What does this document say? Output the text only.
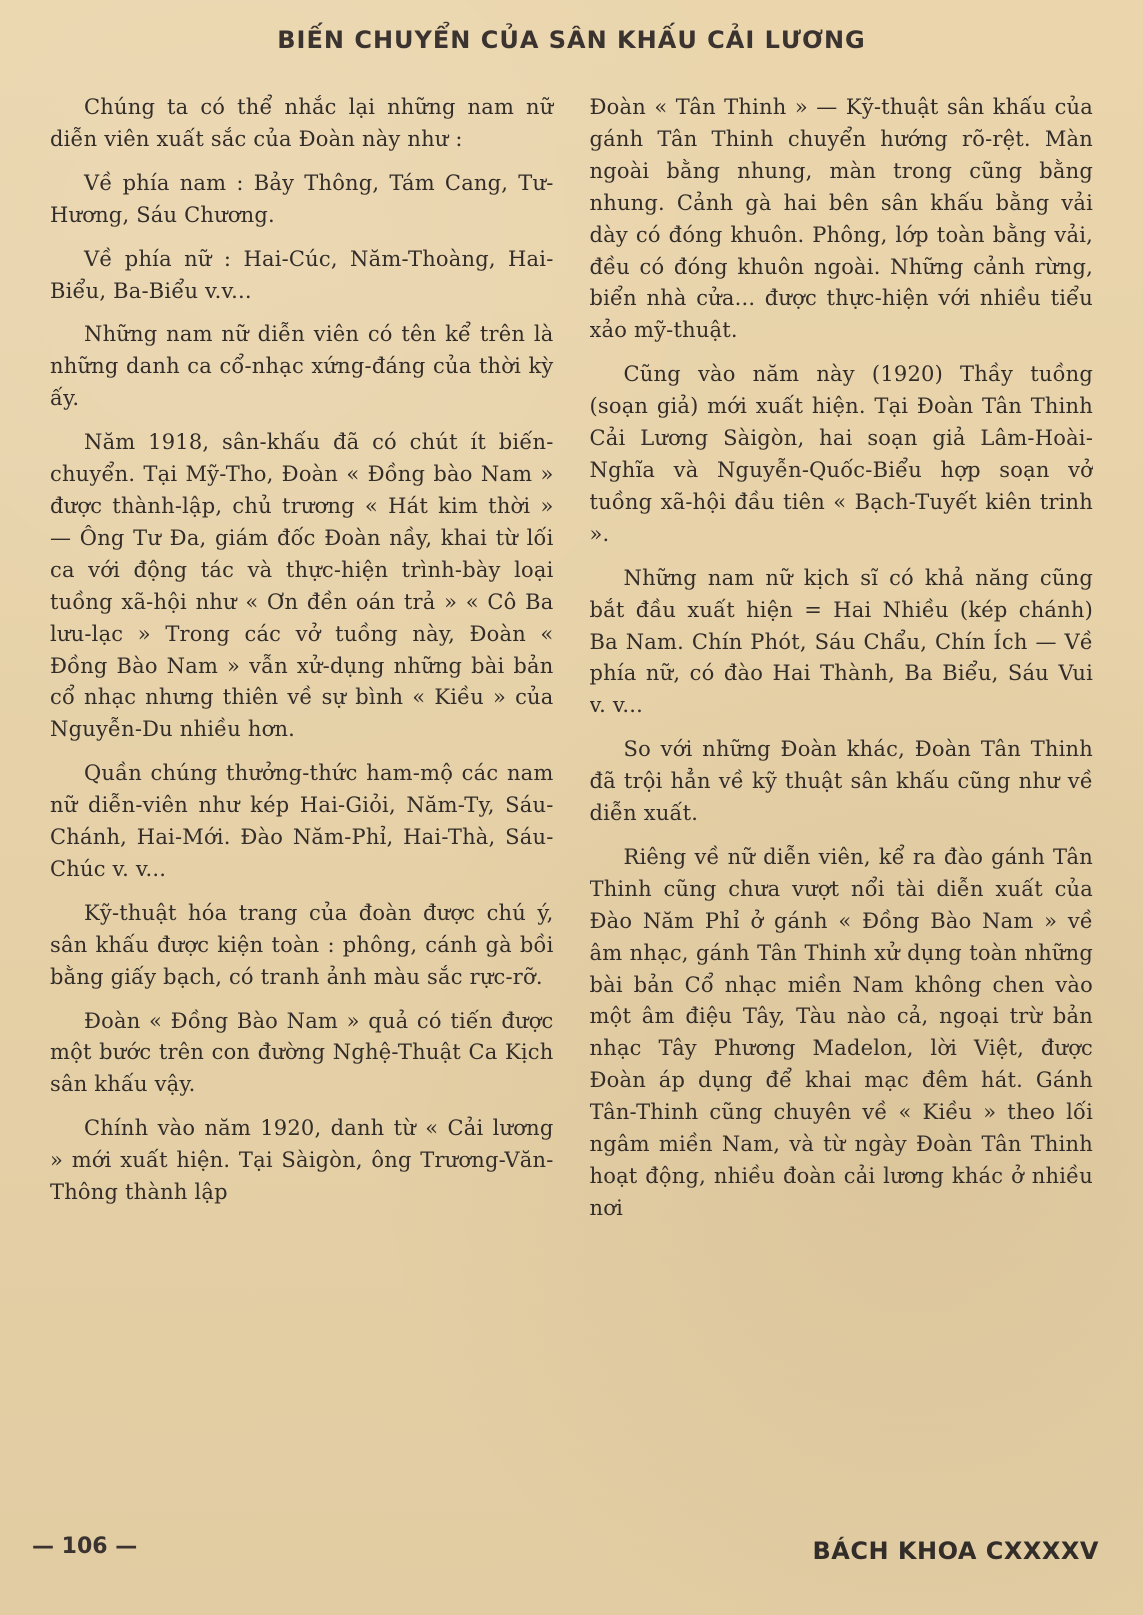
BIẾN CHUYỂN CỦA SÂN KHẤU CẢI LƯƠNG

Chúng ta có thể nhắc lại những nam nữ diễn viên xuất sắc của Đoàn này như :

Về phía nam : Bảy Thông, Tám Cang, Tư-Hương, Sáu Chương.

Về phía nữ : Hai-Cúc, Năm-Thoàng, Hai-Biểu, Ba-Biểu v.v...

Những nam nữ diễn viên có tên kể trên là những danh ca cổ-nhạc xứng-đáng của thời kỳ ấy.

Năm 1918, sân-khấu đã có chút ít biến-chuyển. Tại Mỹ-Tho, Đoàn « Đồng bào Nam » được thành-lập, chủ trương « Hát kim thời » — Ông Tư Đa, giám đốc Đoàn nầy, khai từ lối ca với động tác và thực-hiện trình-bày loại tuồng xã-hội như « Ơn đền oán trả » « Cô Ba lưu-lạc » Trong các vở tuồng này, Đoàn « Đồng Bào Nam » vẫn xử-dụng những bài bản cổ nhạc nhưng thiên về sự bình « Kiều » của Nguyễn-Du nhiều hơn.

Quần chúng thưởng-thức ham-mộ các nam nữ diễn-viên như kép Hai-Giỏi, Năm-Ty, Sáu-Chánh, Hai-Mới. Đào Năm-Phỉ, Hai-Thà, Sáu-Chúc v. v...

Kỹ-thuật hóa trang của đoàn được chú ý, sân khấu được kiện toàn : phông, cánh gà bồi bằng giấy bạch, có tranh ảnh màu sắc rực-rỡ.

Đoàn « Đồng Bào Nam » quả có tiến được một bước trên con đường Nghệ-Thuật Ca Kịch sân khấu vậy.

Chính vào năm 1920, danh từ « Cải lương » mới xuất hiện. Tại Sàigòn, ông Trương-Văn-Thông thành lập

Đoàn « Tân Thinh » — Kỹ-thuật sân khấu của gánh Tân Thinh chuyển hướng rõ-rệt. Màn ngoài bằng nhung, màn trong cũng bằng nhung. Cảnh gà hai bên sân khấu bằng vải dày có đóng khuôn. Phông, lớp toàn bằng vải, đều có đóng khuôn ngoài. Những cảnh rừng, biển nhà cửa... được thực-hiện với nhiều tiểu xảo mỹ-thuật.

Cũng vào năm này (1920) Thầy tuồng (soạn giả) mới xuất hiện. Tại Đoàn Tân Thinh Cải Lương Sàigòn, hai soạn giả Lâm-Hoài-Nghĩa và Nguyễn-Quốc-Biểu hợp soạn vở tuồng xã-hội đầu tiên « Bạch-Tuyết kiên trinh ».

Những nam nữ kịch sĩ có khả năng cũng bắt đầu xuất hiện = Hai Nhiều (kép chánh) Ba Nam. Chín Phót, Sáu Chẩu, Chín Ích — Về phía nữ, có đào Hai Thành, Ba Biểu, Sáu Vui v. v...

So với những Đoàn khác, Đoàn Tân Thinh đã trội hẳn về kỹ thuật sân khấu cũng như về diễn xuất.

Riêng về nữ diễn viên, kể ra đào gánh Tân Thinh cũng chưa vượt nổi tài diễn xuất của Đào Năm Phỉ ở gánh « Đồng Bào Nam » về âm nhạc, gánh Tân Thinh xử dụng toàn những bài bản Cổ nhạc miền Nam không chen vào một âm điệu Tây, Tàu nào cả, ngoại trừ bản nhạc Tây Phương Madelon, lời Việt, được Đoàn áp dụng để khai mạc đêm hát. Gánh Tân-Thinh cũng chuyên về « Kiều » theo lối ngâm miền Nam, và từ ngày Đoàn Tân Thinh hoạt động, nhiều đoàn cải lương khác ở nhiều nơi

— 106 —	BÁCH KHOA CXXXXV
